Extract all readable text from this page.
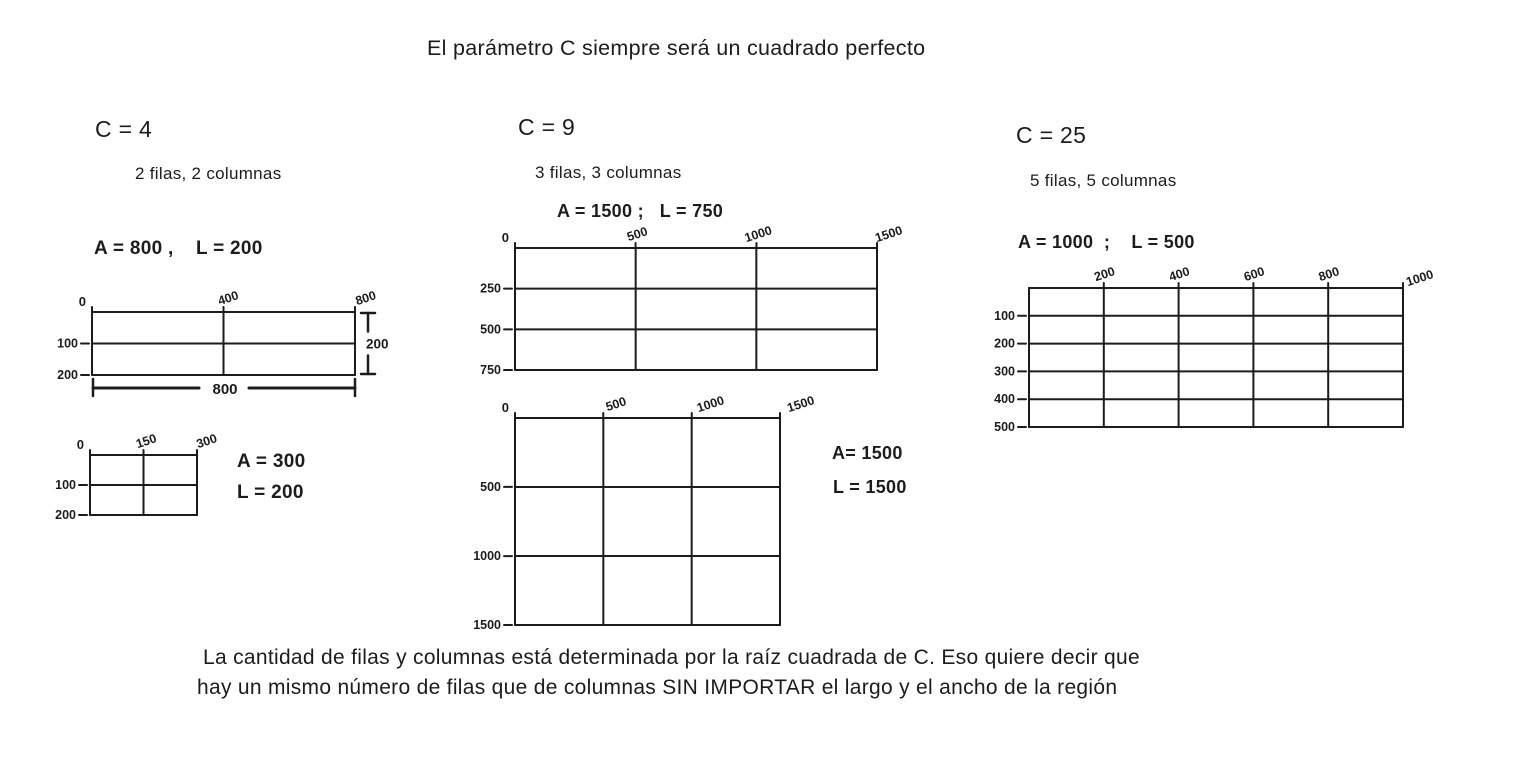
El parámetro C siempre será un cuadrado perfecto
C = 4
2 filas, 2 columnas
A = 800 ,    L = 200
C = 9
3 filas, 3 columnas
A = 1500 ;   L = 750
C = 25
5 filas, 5 columnas
A = 1000  ;    L = 500
A = 300
L = 200
A= 1500
L = 1500
La cantidad de filas y columnas está determinada por la raíz cuadrada de C. Eso quiere decir que
hay un mismo número de filas que de columnas SIN IMPORTAR el largo y el ancho de la región
0	400	800
100
200
0	150	300
100
200
0	500	1000	1500
250
500
750
0	500	1000	1500
500
1000
1500
200	400	600	800	1000
100
200
300
400
500
200
800
